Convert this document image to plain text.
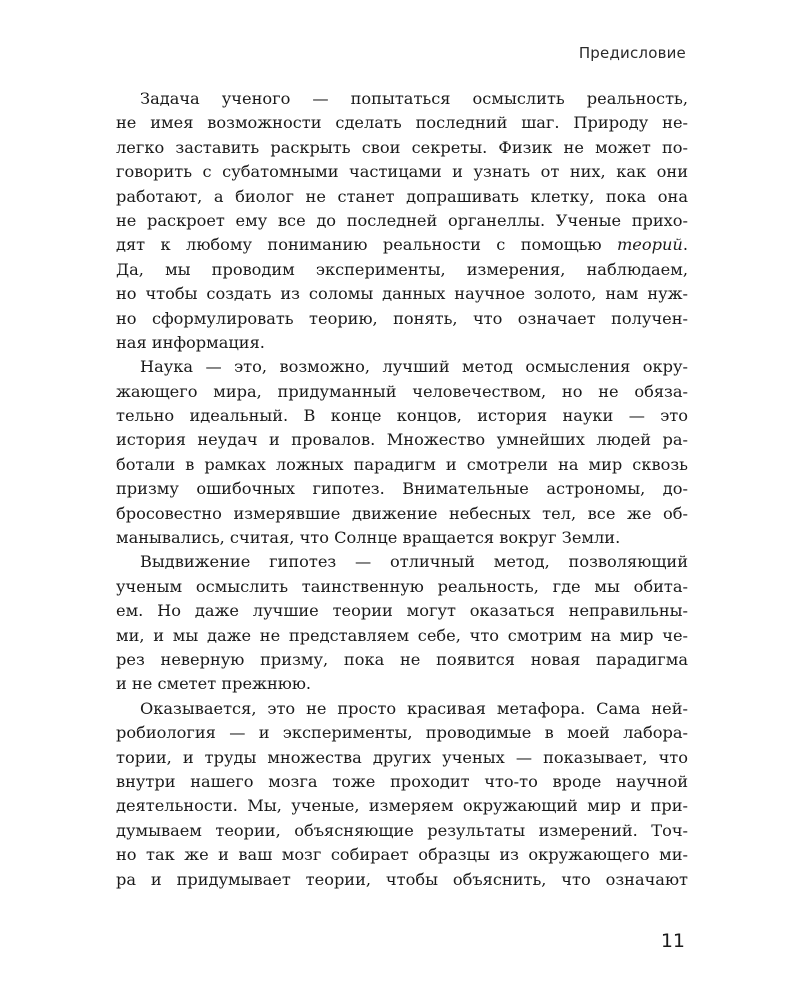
Предисловие
Задача ученого — попытаться осмыслить реальность,
не имея возможности сделать последний шаг. Природу не-
легко заставить раскрыть свои секреты. Физик не может по-
говорить с субатомными частицами и узнать от них, как они
работают, а биолог не станет допрашивать клетку, пока она
не раскроет ему все до последней органеллы. Ученые прихо-
дят к любому пониманию реальности с помощью теорий.
Да, мы проводим эксперименты, измерения, наблюдаем,
но чтобы создать из соломы данных научное золото, нам нуж-
но сформулировать теорию, понять, что означает получен-
ная информация.
Наука — это, возможно, лучший метод осмысления окру-
жающего мира, придуманный человечеством, но не обяза-
тельно идеальный. В конце концов, история науки — это
история неудач и провалов. Множество умнейших людей ра-
ботали в рамках ложных парадигм и смотрели на мир сквозь
призму ошибочных гипотез. Внимательные астрономы, до-
бросовестно измерявшие движение небесных тел, все же об-
манывались, считая, что Солнце вращается вокруг Земли.
Выдвижение гипотез — отличный метод, позволяющий
ученым осмыслить таинственную реальность, где мы обита-
ем. Но даже лучшие теории могут оказаться неправильны-
ми, и мы даже не представляем себе, что смотрим на мир че-
рез неверную призму, пока не появится новая парадигма
и не сметет прежнюю.
Оказывается, это не просто красивая метафора. Сама ней-
робиология — и эксперименты, проводимые в моей лабора-
тории, и труды множества других ученых — показывает, что
внутри нашего мозга тоже проходит что-то вроде научной
деятельности. Мы, ученые, измеряем окружающий мир и при-
думываем теории, объясняющие результаты измерений. Точ-
но так же и ваш мозг собирает образцы из окружающего ми-
ра и придумывает теории, чтобы объяснить, что означают
11
